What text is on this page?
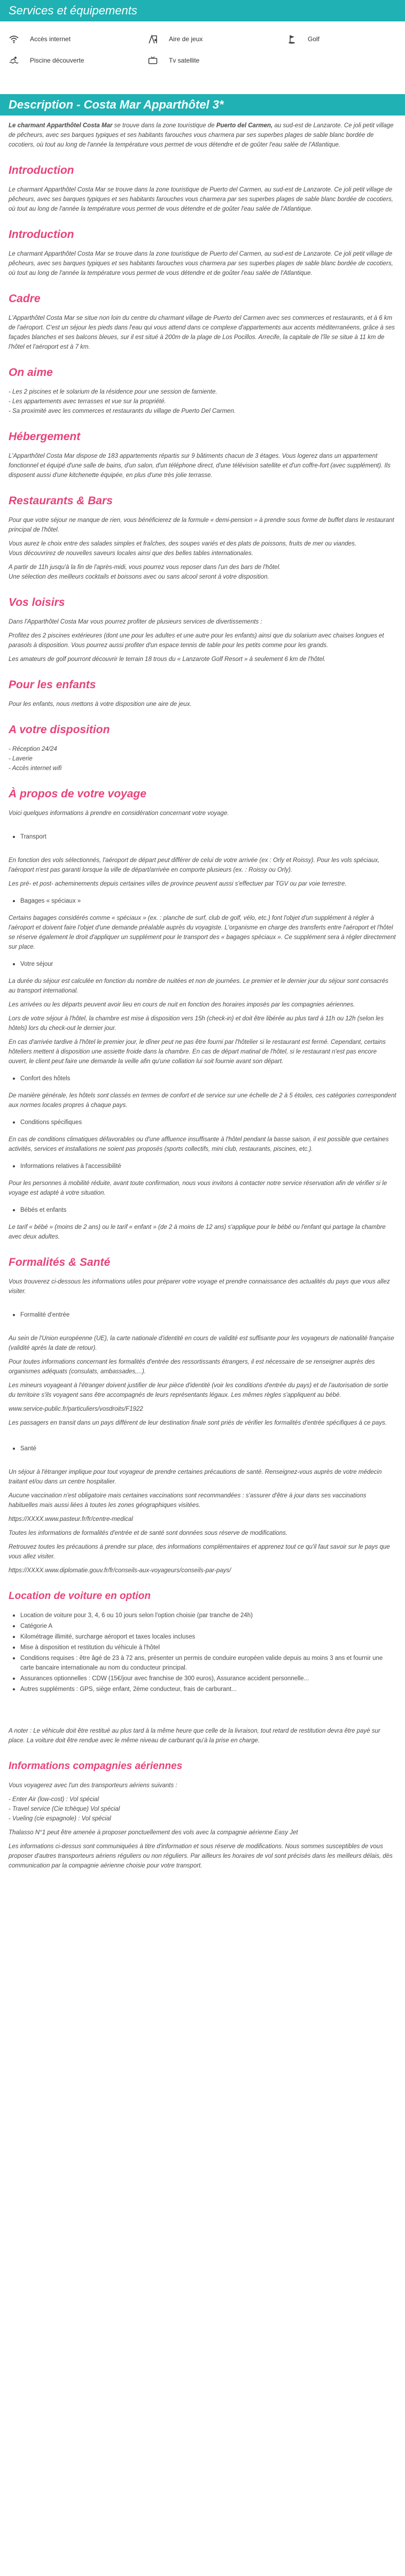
Services et équipements
Accès internet	Aire de jeux	Golf
Piscine découverte	Tv satellite
Description - Costa Mar Apparthôtel 3*

Le charmant Apparthôtel Costa Mar se trouve dans la zone touristique de Puerto del Carmen, au sud-est de Lanzarote. Ce joli petit village de pêcheurs, avec ses barques typiques et ses habitants farouches vous charmera par ses superbes plages de sable blanc bordée de cocotiers, où tout au long de l'année la température vous permet de vous détendre et de goûter l'eau salée de l'Atlantique.

Introduction

Le charmant Apparthôtel Costa Mar se trouve dans la zone touristique de Puerto del Carmen, au sud-est de Lanzarote. Ce joli petit village de pêcheurs, avec ses barques typiques et ses habitants farouches vous charmera par ses superbes plages de sable blanc bordée de cocotiers, où tout au long de l'année la température vous permet de vous détendre et de goûter l'eau salée de l'Atlantique.

Introduction

Le charmant Apparthôtel Costa Mar se trouve dans la zone touristique de Puerto del Carmen, au sud-est de Lanzarote. Ce joli petit village de pêcheurs, avec ses barques typiques et ses habitants farouches vous charmera par ses superbes plages de sable blanc bordée de cocotiers, où tout au long de l'année la température vous permet de vous détendre et de goûter l'eau salée de l'Atlantique.

Cadre

L'Apparthôtel Costa Mar se situe non loin du centre du charmant village de Puerto del Carmen avec ses commerces et restaurants, et à 6 km de l'aéroport. C'est un séjour les pieds dans l'eau qui vous attend dans ce complexe d'appartements aux accents méditerranéens, grâce à ses façades blanches et ses balcons bleues, sur il est situé à 200m de la plage de Los Pocillos. Arrecife, la capitale de l'île se situe à 11 km de l'hôtel et l'aéroport est à 7 km.

On aime

- Les 2 piscines et le solarium de la résidence pour une session de farniente.

- Les appartements avec terrasses et vue sur la propriété.

- Sa proximité avec les commerces et restaurants du village de Puerto Del Carmen.

Hébergement

L'Apparthôtel Costa Mar dispose de 183 appartements répartis sur 9 bâtiments chacun de 3 étages. Vous logerez dans un appartement fonctionnel et équipé d'une salle de bains, d'un salon, d'un téléphone direct, d'une télévision satellite et d'un coffre-fort (avec supplément). Ils disposent aussi d'une kitchenette équipée, en plus d'une très jolie terrasse.

Restaurants & Bars

Pour que votre séjour ne manque de rien, vous bénéficierez de la formule « demi-pension » à prendre sous forme de buffet dans le restaurant principal de l'hôtel.

Vous aurez le choix entre des salades simples et fraîches, des soupes variés et des plats de poissons, fruits de mer ou viandes.

Vous découvrirez de nouvelles saveurs locales ainsi que des belles tables internationales.

A partir de 11h jusqu'à la fin de l'après-midi, vous pourrez vous reposer dans l'un des bars de l'hôtel.

Une sélection des meilleurs cocktails et boissons avec ou sans alcool seront à votre disposition.

Vos loisirs

Dans l'Apparthôtel Costa Mar vous pourrez profiter de plusieurs services de divertissements :

Profitez des 2 piscines extérieures (dont une pour les adultes et une autre pour les enfants) ainsi que du solarium avec chaises longues et parasols à disposition. Vous pourrez aussi profiter d'un espace tennis de table pour les petits comme pour les grands.

Les amateurs de golf pourront découvrir le terrain 18 trous du « Lanzarote Golf Resort » à seulement 6 km de l'hôtel.

Pour les enfants

Pour les enfants, nous mettons à votre disposition une aire de jeux.

A votre disposition

- Réception 24/24

- Laverie

- Accès internet wifi

À propos de votre voyage

Voici quelques informations à prendre en considération concernant votre voyage.

Transport

En fonction des vols sélectionnés, l'aéroport de départ peut différer de celui de votre arrivée (ex : Orly et Roissy). Pour les vols spéciaux, l'aéroport n'est pas garanti lorsque la ville de départ/arrivée en comporte plusieurs (ex. : Roissy ou Orly).

Les pré- et post- acheminements depuis certaines villes de province peuvent aussi s'effectuer par TGV ou par voie terrestre.

Bagages « spéciaux »

Certains bagages considérés comme « spéciaux » (ex. : planche de surf, club de golf, vélo, etc.) font l'objet d'un supplément à régler à l'aéroport et doivent faire l'objet d'une demande préalable auprès du voyagiste. L'organisme en charge des transferts entre l'aéroport et l'hôtel se réserve également le droit d'appliquer un supplément pour le transport des « bagages spéciaux ». Ce supplément sera à régler directement sur place.

Votre séjour

La durée du séjour est calculée en fonction du nombre de nuitées et non de journées. Le premier et le dernier jour du séjour sont consacrés au transport international.

Les arrivées ou les départs peuvent avoir lieu en cours de nuit en fonction des horaires imposés par les compagnies aériennes.

Lors de votre séjour à l'hôtel, la chambre est mise à disposition vers 15h (check-in) et doit être libérée au plus tard à 11h ou 12h (selon les hôtels) lors du check-out le dernier jour.

En cas d'arrivée tardive à l'hôtel le premier jour, le dîner peut ne pas être fourni par l'hôtelier si le restaurant est fermé. Cependant, certains hôteliers mettent à disposition une assiette froide dans la chambre. En cas de départ matinal de l'hôtel, si le restaurant n'est pas encore ouvert, le client peut faire une demande la veille afin qu'une collation lui soit fournie avant son départ.

Confort des hôtels

De manière générale, les hôtels sont classés en termes de confort et de service sur une échelle de 2 à 5 étoiles, ces catégories correspondent aux normes locales propres à chaque pays.

Conditions spécifiques

En cas de conditions climatiques défavorables ou d'une affluence insuffisante à l'hôtel pendant la basse saison, il est possible que certaines activités, services et installations ne soient pas proposés (sports collectifs, mini club, restaurants, piscines, etc.).

Informations relatives à l'accessibilité

Pour les personnes à mobilité réduite, avant toute confirmation, nous vous invitons à contacter notre service réservation afin de vérifier si le voyage est adapté à votre situation.

Bébés et enfants

Le tarif « bébé » (moins de 2 ans) ou le tarif « enfant » (de 2 à moins de 12 ans) s'applique pour le bébé ou l'enfant qui partage la chambre avec deux adultes.

Formalités & Santé

Vous trouverez ci-dessous les informations utiles pour préparer votre voyage et prendre connaissance des actualités du pays que vous allez visiter.

Formalité d'entrée

Au sein de l'Union européenne (UE), la carte nationale d'identité en cours de validité est suffisante pour les voyageurs de nationalité française (validité après la date de retour).

Pour toutes informations concernant les formalités d'entrée des ressortissants étrangers, il est nécessaire de se renseigner auprès des organismes adéquats (consulats, ambassades,...).

Les mineurs voyageant à l'étranger doivent justifier de leur pièce d'identité (voir les conditions d'entrée du pays) et de l'autorisation de sortie du territoire s'ils voyagent sans être accompagnés de leurs représentants légaux. Les mêmes règles s'appliquent au bébé.

www.service-public.fr/particuliers/vosdroits/F1922

Les passagers en transit dans un pays différent de leur destination finale sont priés de vérifier les formalités d'entrée spécifiques à ce pays.

Santé

Un séjour à l'étranger implique pour tout voyageur de prendre certaines précautions de santé. Renseignez-vous auprès de votre médecin traitant et/ou dans un centre hospitalier.

Aucune vaccination n'est obligatoire mais certaines vaccinations sont recommandées : s'assurer d'être à jour dans ses vaccinations habituelles mais aussi liées à toutes les zones géographiques visitées.

https://XXXX.www.pasteur.fr/fr/centre-medical

Toutes les informations de formalités d'entrée et de santé sont données sous réserve de modifications.

Retrouvez toutes les précautions à prendre sur place, des informations complémentaires et apprenez tout ce qu'il faut savoir sur le pays que vous allez visiter.

https://XXXX.www.diplomatie.gouv.fr/fr/conseils-aux-voyageurs/conseils-par-pays/

Location de voiture en option
Location de voiture pour 3, 4, 6 ou 10 jours selon l'option choisie (par tranche de 24h)
Catégorie A
Kilométrage illimité, surcharge aéroport et taxes locales incluses
Mise à disposition et restitution du véhicule à l'hôtel
Conditions requises : être âgé de 23 à 72 ans, présenter un permis de conduire européen valide depuis au moins 3 ans et fournir une carte bancaire internationale au nom du conducteur principal.
Assurances optionnelles : CDW (15€/jour avec franchise de 300 euros), Assurance accident personnelle...
Autres suppléments : GPS, siège enfant, 2ème conducteur, frais de carburant...

A noter : Le véhicule doit être restitué au plus tard à la même heure que celle de la livraison, tout retard de restitution devra être payé sur place. La voiture doit être rendue avec le même niveau de carburant qu'à la prise en charge.

Informations compagnies aériennes

Vous voyagerez avec l'un des transporteurs aériens suivants :

- Enter Air (low-cost) : Vol spécial

- Travel service (Cie tchèque) Vol spécial

- Vueling (cie espagnole) : Vol spécial

Thalasso N°1 peut être amenée à proposer ponctuellement des vols avec la compagnie aérienne Easy Jet

Les informations ci-dessus sont communiquées à titre d'information et sous réserve de modifications. Nous sommes susceptibles de vous proposer d'autres transporteurs aériens réguliers ou non réguliers. Par ailleurs les horaires de vol sont précisés dans les meilleurs délais, dès communication par la compagnie aérienne choisie pour votre transport.
